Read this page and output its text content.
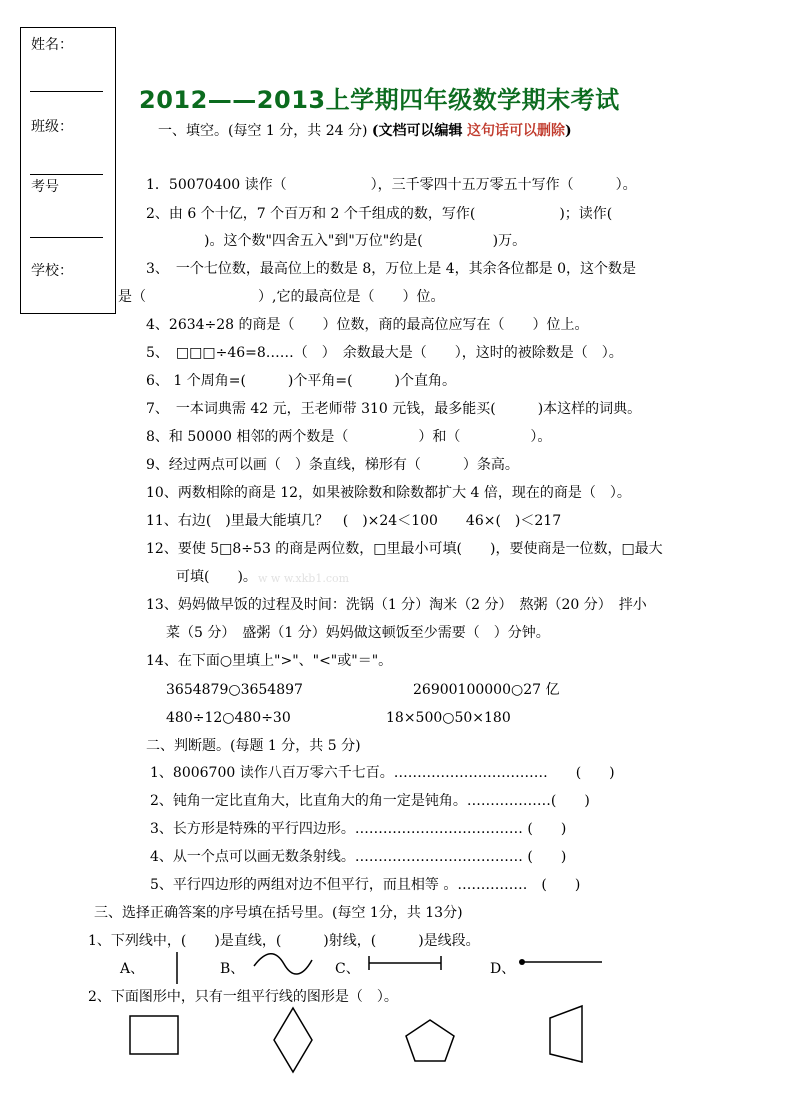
姓名：
班级：
考号
学校：
2012——2013上学期四年级数学期末考试
一、填空。(每空 1 分，共 24 分) (文档可以编辑 这句话可以删除)
1．50070400 读作（　　　　　　），三千零四十五万零五十写作（　　　）。
2、由 6 个十亿，7 个百万和 2 个千组成的数，写作(　　　　　　)；读作(
　　)。这个数"四舍五入"到"万位"约是(　　　　　)万。
3、　一个七位数，最高位上的数是 8，万位上是 4，其余各位都是 0，这个数是
是（　　　　　　　　）,它的最高位是（　　）位。
4、2634÷28 的商是（　　）位数，商的最高位应写在（　　）位上。
5、　□□□÷46=8……（　）　余数最大是（　　），这时的被除数是（　）。
6、 1 个周角=(　　　)个平角=(　　　)个直角。
7、　一本词典需 42 元，王老师带 310 元钱，最多能买(　　　)本这样的词典。
8、和 50000 相邻的两个数是（　　　　　）和（　　　　　）。
9、经过两点可以画（　）条直线，梯形有（　　　）条高。
10、两数相除的商是 12，如果被除数和除数都扩大 4 倍，现在的商是（　）。
11、右边(　)里最大能填几？　(　)×24＜100　　46×(　)＜217
12、要使 5□8÷53 的商是两位数，□里最小可填(　　)，要使商是一位数，□最大
可填(　　)。 w w w.xkb1.com
13、妈妈做早饭的过程及时间：洗锅（1 分）淘米（2 分）　熬粥（20 分）　拌小
菜（5 分）　盛粥（1 分）妈妈做这顿饭至少需要（　）分钟。
14、在下面○里填上">"、"<"或"＝"。
3654879○3654897	26900100000○27 亿
480÷12○480÷30	18×500○50×180
二、判断题。(每题 1 分，共 5 分)
1、8006700 读作八百万零六千七百。……………………………　　(　　)
2、钝角一定比直角大，比直角大的角一定是钝角。………………(　　)
3、长方形是特殊的平行四边形。……………………………… (　　)
4、从一个点可以画无数条射线。……………………………… (　　)
5、平行四边形的两组对边不但平行，而且相等 。……………　(　　)
三、选择正确答案的序号填在括号里。(每空 1分，共 13分)
1、下列线中，(　　)是直线，(　　　)射线，(　　　)是线段。
A、	B、	C、	D、
2、下面图形中，只有一组平行线的图形是（　）。
